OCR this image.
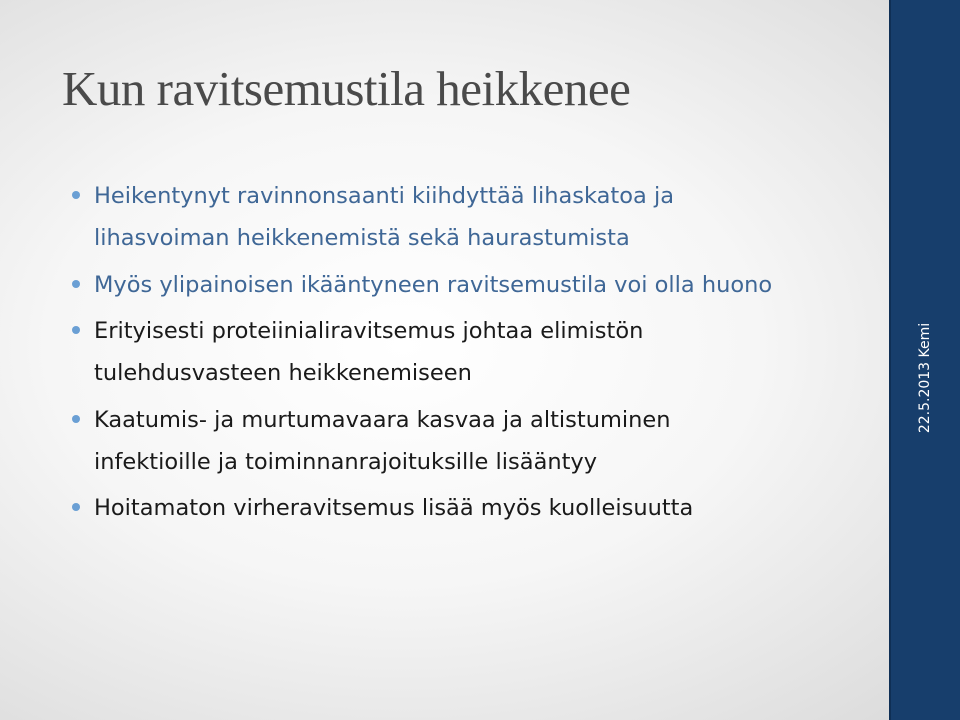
Kun ravitsemustila heikkenee
Heikentynyt ravinnonsaanti kiihdyttää lihaskatoa ja lihasvoiman heikkenemistä sekä haurastumista
Myös ylipainoisen ikääntyneen ravitsemustila voi olla huono
Erityisesti proteiinialiravitsemus johtaa elimistön tulehdusvasteen heikkenemiseen
Kaatumis- ja murtumavaara kasvaa ja altistuminen infektioille ja toiminnanrajoituksille lisääntyy
Hoitamaton virheravitsemus lisää myös kuolleisuutta
22.5.2013 Kemi
